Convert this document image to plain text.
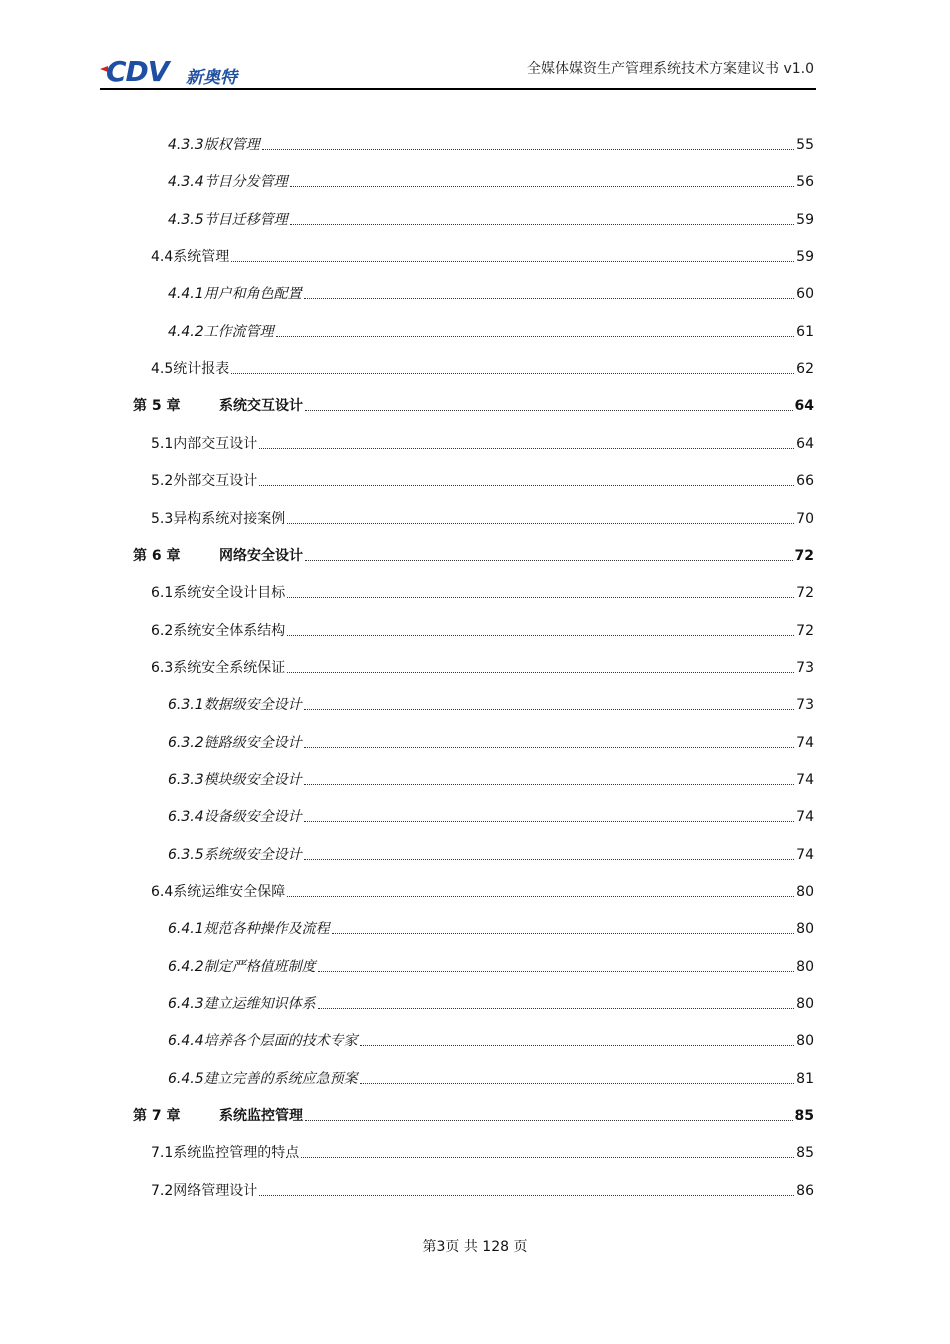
CDV 新奥特	全媒体媒资生产管理系统技术方案建议书 v1.0
4.3.3 版权管理	55
4.3.4 节目分发管理	56
4.3.5 节目迁移管理	59
4.4 系统管理	59
4.4.1 用户和角色配置	60
4.4.2 工作流管理	61
4.5 统计报表	62
第 5 章	系统交互设计	64
5.1 内部交互设计	64
5.2 外部交互设计	66
5.3 异构系统对接案例	70
第 6 章	网络安全设计	72
6.1 系统安全设计目标	72
6.2 系统安全体系结构	72
6.3 系统安全系统保证	73
6.3.1 数据级安全设计	73
6.3.2 链路级安全设计	74
6.3.3 模块级安全设计	74
6.3.4 设备级安全设计	74
6.3.5 系统级安全设计	74
6.4 系统运维安全保障	80
6.4.1 规范各种操作及流程	80
6.4.2 制定严格值班制度	80
6.4.3 建立运维知识体系	80
6.4.4 培养各个层面的技术专家	80
6.4.5 建立完善的系统应急预案	81
第 7 章	系统监控管理	85
7.1 系统监控管理的特点	85
7.2 网络管理设计	86
第3页 共 128 页
